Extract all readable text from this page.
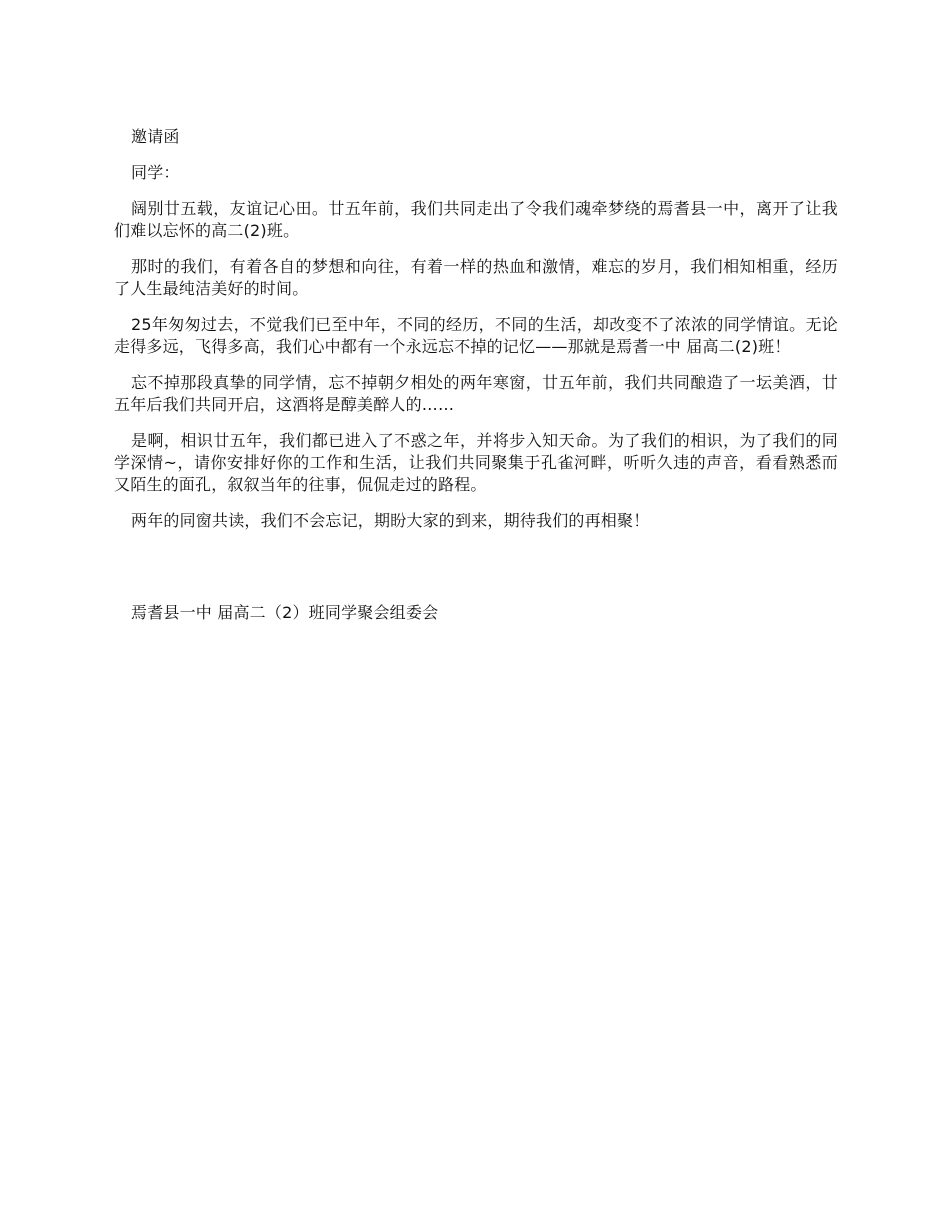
邀请函

同学：

阔别廿五载，友谊记心田。廿五年前，我们共同走出了令我们魂牵梦绕的焉耆县一中，离开了让我们难以忘怀的高二(2)班。

那时的我们，有着各自的梦想和向往，有着一样的热血和激情，难忘的岁月，我们相知相重，经历了人生最纯洁美好的时间。

25年匆匆过去，不觉我们已至中年，不同的经历，不同的生活，却改变不了浓浓的同学情谊。无论走得多远，飞得多高，我们心中都有一个永远忘不掉的记忆——那就是焉耆一中 届高二(2)班！

忘不掉那段真挚的同学情，忘不掉朝夕相处的两年寒窗，廿五年前，我们共同酿造了一坛美酒，廿五年后我们共同开启，这酒将是醇美醉人的……

是啊，相识廿五年，我们都已进入了不惑之年，并将步入知天命。为了我们的相识，为了我们的同学深情~，请你安排好你的工作和生活，让我们共同聚集于孔雀河畔，听听久违的声音，看看熟悉而又陌生的面孔，叙叙当年的往事，侃侃走过的路程。

两年的同窗共读，我们不会忘记，期盼大家的到来，期待我们的再相聚！

焉耆县一中 届高二（2）班同学聚会组委会
